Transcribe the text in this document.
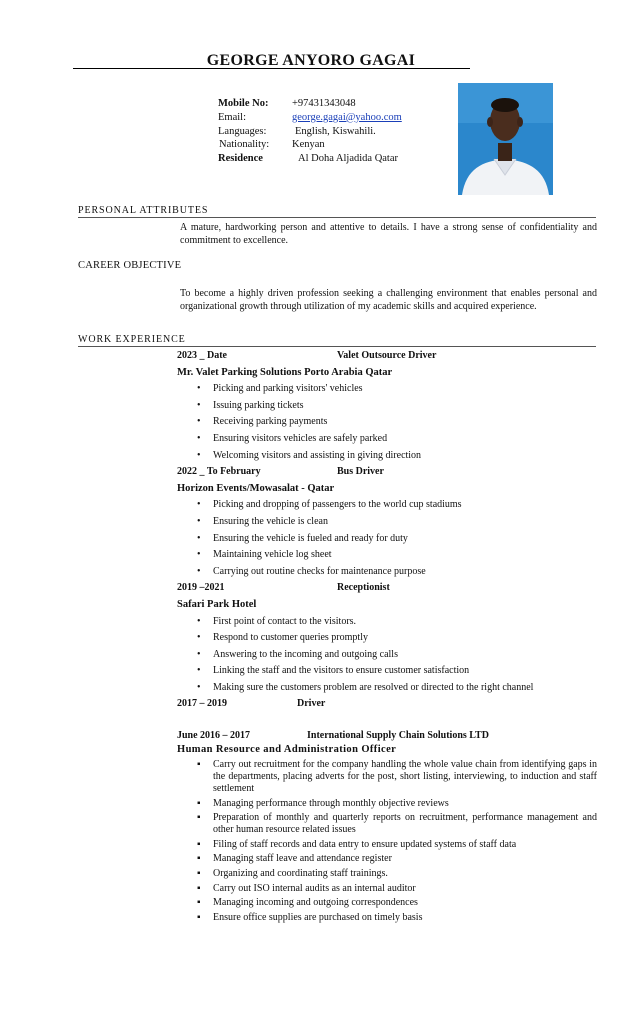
GEORGE ANYORO GAGAI
Mobile No:	+97431343048
Email:	george.gagai@yahoo.com
Languages:	English, Kiswahili.
Nationality:	Kenyan
Residence	Al Doha Aljadida Qatar
PERSONAL ATTRIBUTES
A mature, hardworking person and attentive to details. I have a strong sense of confidentiality and commitment to excellence.
CAREER OBJECTIVE
To become a highly driven profession seeking a challenging environment that enables personal and organizational growth through utilization of my academic skills and acquired experience.
WORK EXPERIENCE
2023 _ Date	Valet Outsource Driver
Mr. Valet Parking Solutions Porto Arabia Qatar
• Picking and parking visitors' vehicles
• Issuing parking tickets
• Receiving parking payments
• Ensuring visitors vehicles are safely parked
• Welcoming visitors and assisting in giving direction
2022 _ To February	Bus Driver
Horizon Events/Mowasalat - Qatar
• Picking and dropping of passengers to the world cup stadiums
• Ensuring the vehicle is clean
• Ensuring the vehicle is fueled and ready for duty
• Maintaining vehicle log sheet
• Carrying out routine checks for maintenance purpose
2019 –2021	Receptionist
Safari Park Hotel
• First point of contact to the visitors.
• Respond to customer queries promptly
• Answering to the incoming and outgoing calls
• Linking the staff and the visitors to ensure customer satisfaction
• Making sure the customers problem are resolved or directed to the right channel
2017 – 2019	Driver
June 2016 – 2017	International Supply Chain Solutions LTD
Human Resource and Administration Officer
▪ Carry out recruitment for the company handling the whole value chain from identifying gaps in the departments, placing adverts for the post, short listing, interviewing, to induction and staff settlement
▪ Managing performance through monthly objective reviews
▪ Preparation of monthly and quarterly reports on recruitment, performance management and other human resource related issues
▪ Filing of staff records and data entry to ensure updated systems of staff data
▪ Managing staff leave and attendance register
▪ Organizing and coordinating staff trainings.
▪ Carry out ISO internal audits as an internal auditor
▪ Managing incoming and outgoing correspondences
▪ Ensure office supplies are purchased on timely basis
